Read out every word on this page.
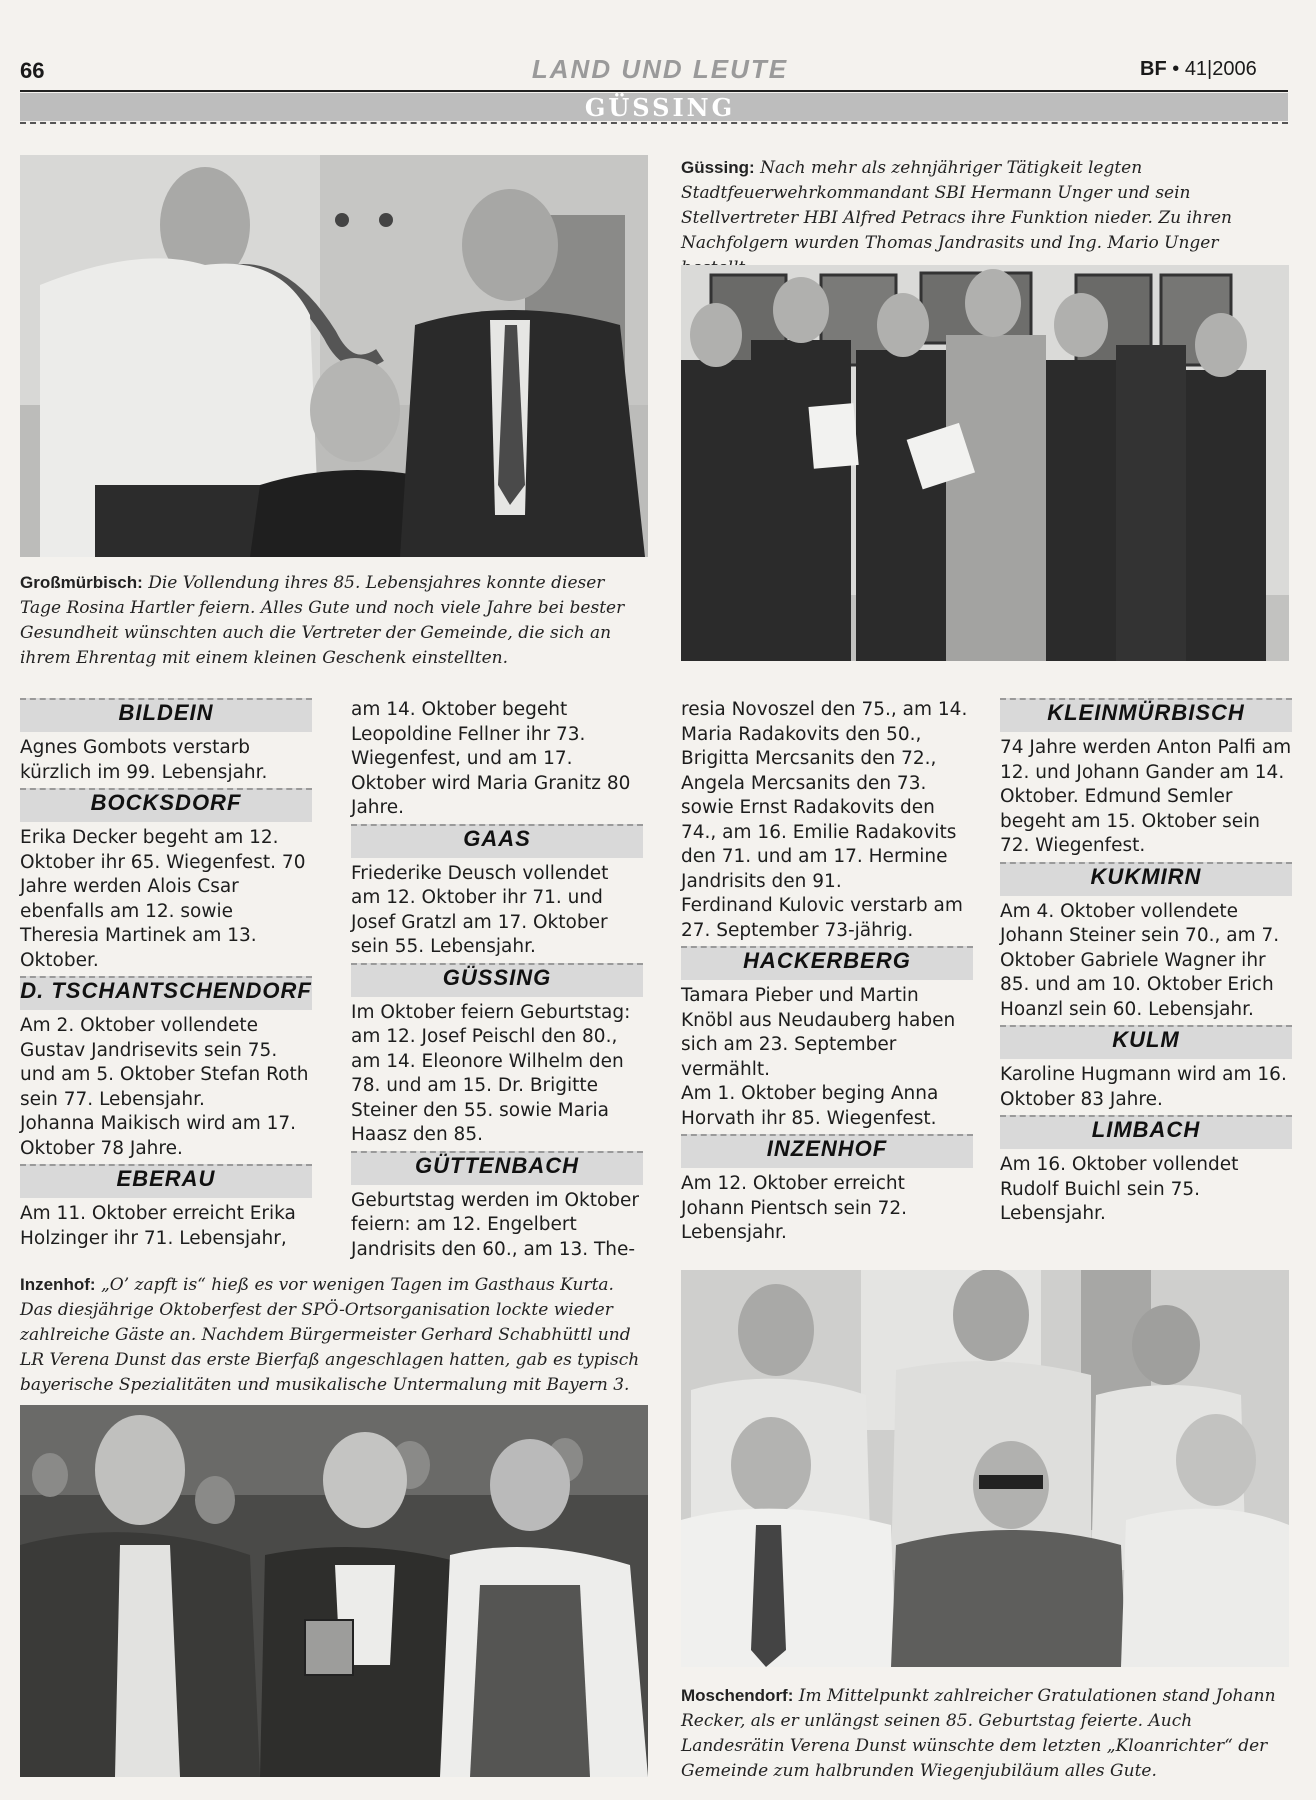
66	LAND UND LEUTE	BF • 41|2006
GÜSSING
Großmürbisch: Die Vollendung ihres 85. Lebensjahres konnte dieser Tage Rosina Hartler feiern. Alles Gute und noch viele Jahre bei bester Gesundheit wünschten auch die Vertreter der Gemeinde, die sich an ihrem Ehrentag mit einem kleinen Geschenk einstellten.
Güssing: Nach mehr als zehnjähriger Tätigkeit legten Stadtfeuerwehrkommandant SBI Hermann Unger und sein Stellvertreter HBI Alfred Petracs ihre Funktion nieder. Zu ihren Nachfolgern wurden Thomas Jandrasits und Ing. Mario Unger
BILDEIN

Agnes Gombots verstarb kürzlich im 99. Lebensjahr.

BOCKSDORF

Erika Decker begeht am 12. Oktober ihr 65. Wiegenfest. 70 Jahre werden Alois Csar ebenfalls am 12. sowie Theresia Martinek am 13. Oktober.

D. TSCHANTSCHENDORF

Am 2. Oktober vollendete Gustav Jandrisevits sein 75. und am 5. Oktober Stefan Roth sein 77. Lebensjahr.

Johanna Maikisch wird am 17. Oktober 78 Jahre.

EBERAU

Am 11. Oktober erreicht Erika Holzinger ihr 71. Lebensjahr,

am 14. Oktober begeht Leopoldine Fellner ihr 73. Wiegenfest, und am 17. Oktober wird Maria Granitz 80 Jahre.

GAAS

Friederike Deusch vollendet am 12. Oktober ihr 71. und Josef Gratzl am 17. Oktober sein 55. Lebensjahr.

GÜSSING

Im Oktober feiern Geburtstag: am 12. Josef Peischl den 80., am 14. Eleonore Wilhelm den 78. und am 15. Dr. Brigitte Steiner den 55. sowie Maria Haasz den 85.

GÜTTENBACH

Geburtstag werden im Oktober feiern: am 12. Engelbert Jandrisits den 60., am 13. The-

resia Novoszel den 75., am 14. Maria Radakovits den 50., Brigitta Mercsanits den 72., Angela Mercsanits den 73. sowie Ernst Radakovits den 74., am 16. Emilie Radakovits den 71. und am 17. Hermine Jandrisits den 91.

Ferdinand Kulovic verstarb am 27. September 73-jährig.

HACKERBERG

Tamara Pieber und Martin Knöbl aus Neudauberg haben sich am 23. September vermählt.

Am 1. Oktober beging Anna Horvath ihr 85. Wiegenfest.

INZENHOF

Am 12. Oktober erreicht Johann Pientsch sein 72. Lebensjahr.

KLEINMÜRBISCH

74 Jahre werden Anton Palfi am 12. und Johann Gander am 14. Oktober. Edmund Semler begeht am 15. Oktober sein 72. Wiegenfest.

KUKMIRN

Am 4. Oktober vollendete Johann Steiner sein 70., am 7. Oktober Gabriele Wagner ihr 85. und am 10. Oktober Erich Hoanzl sein 60. Lebensjahr.

KULM

Karoline Hugmann wird am 16. Oktober 83 Jahre.

LIMBACH

Am 16. Oktober vollendet Rudolf Buichl sein 75. Lebensjahr.

Inzenhof: „O’ zapft is“ hieß es vor wenigen Tagen im Gasthaus Kurta. Das diesjährige Oktoberfest der SPÖ-Ortsorganisation lockte wieder zahlreiche Gäste an. Nachdem Bürgermeister Gerhard Schabhüttl und LR Verena Dunst das erste Bierfaß angeschlagen hatten, gab es typisch bayerische Spezialitäten und musikalische Untermalung mit Bayern 3.
Moschendorf: Im Mittelpunkt zahlreicher Gratulationen stand Johann Recker, als er unlängst seinen 85. Geburtstag feierte. Auch Landesrätin Verena Dunst wünschte dem letzten „Kloanrichter“ der Gemeinde zum halbrunden Wiegenjubiläum alles Gute.
